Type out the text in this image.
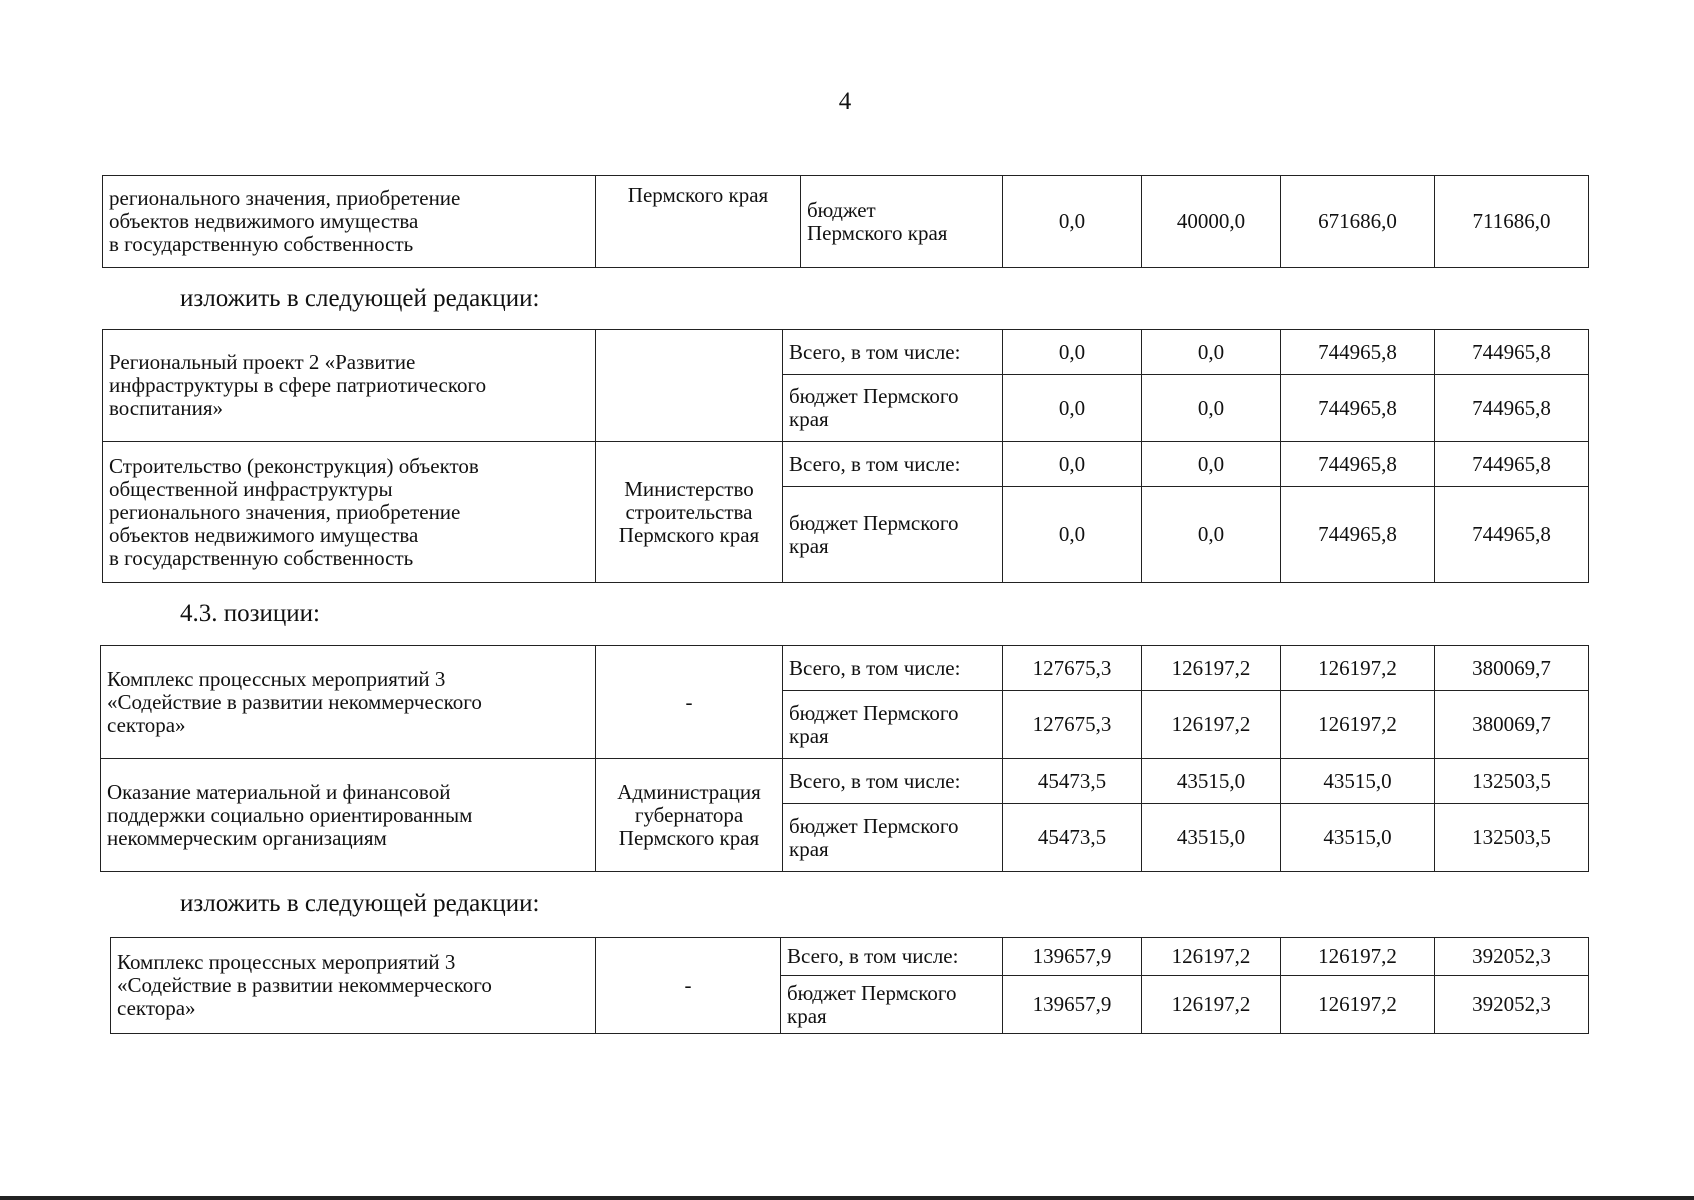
4
регионального значения, приобретение
объектов недвижимого имущества
в государственную собственность	Пермского края	бюджет
Пермского края	0,0	40000,0	671686,0	711686,0
изложить в следующей редакции:
Региональный проект 2 «Развитие
инфраструктуры в сфере патриотического
воспитания»		Всего, в том числе:	0,0	0,0	744965,8	744965,8
		бюджет Пермского
края	0,0	0,0	744965,8	744965,8
Строительство (реконструкция) объектов
общественной инфраструктуры
регионального значения, приобретение
объектов недвижимого имущества
в государственную собственность	Министерство
строительства
Пермского края	Всего, в том числе:	0,0	0,0	744965,8	744965,8
		бюджет Пермского
края	0,0	0,0	744965,8	744965,8
4.3. позиции:
Комплекс процессных мероприятий 3
«Содействие в развитии некоммерческого
сектора»	-	Всего, в том числе:	127675,3	126197,2	126197,2	380069,7
		бюджет Пермского
края	127675,3	126197,2	126197,2	380069,7
Оказание материальной и финансовой
поддержки социально ориентированным
некоммерческим организациям	Администрация
губернатора
Пермского края	Всего, в том числе:	45473,5	43515,0	43515,0	132503,5
		бюджет Пермского
края	45473,5	43515,0	43515,0	132503,5
изложить в следующей редакции:
Комплекс процессных мероприятий 3
«Содействие в развитии некоммерческого
сектора»	-	Всего, в том числе:	139657,9	126197,2	126197,2	392052,3
		бюджет Пермского
края	139657,9	126197,2	126197,2	392052,3
